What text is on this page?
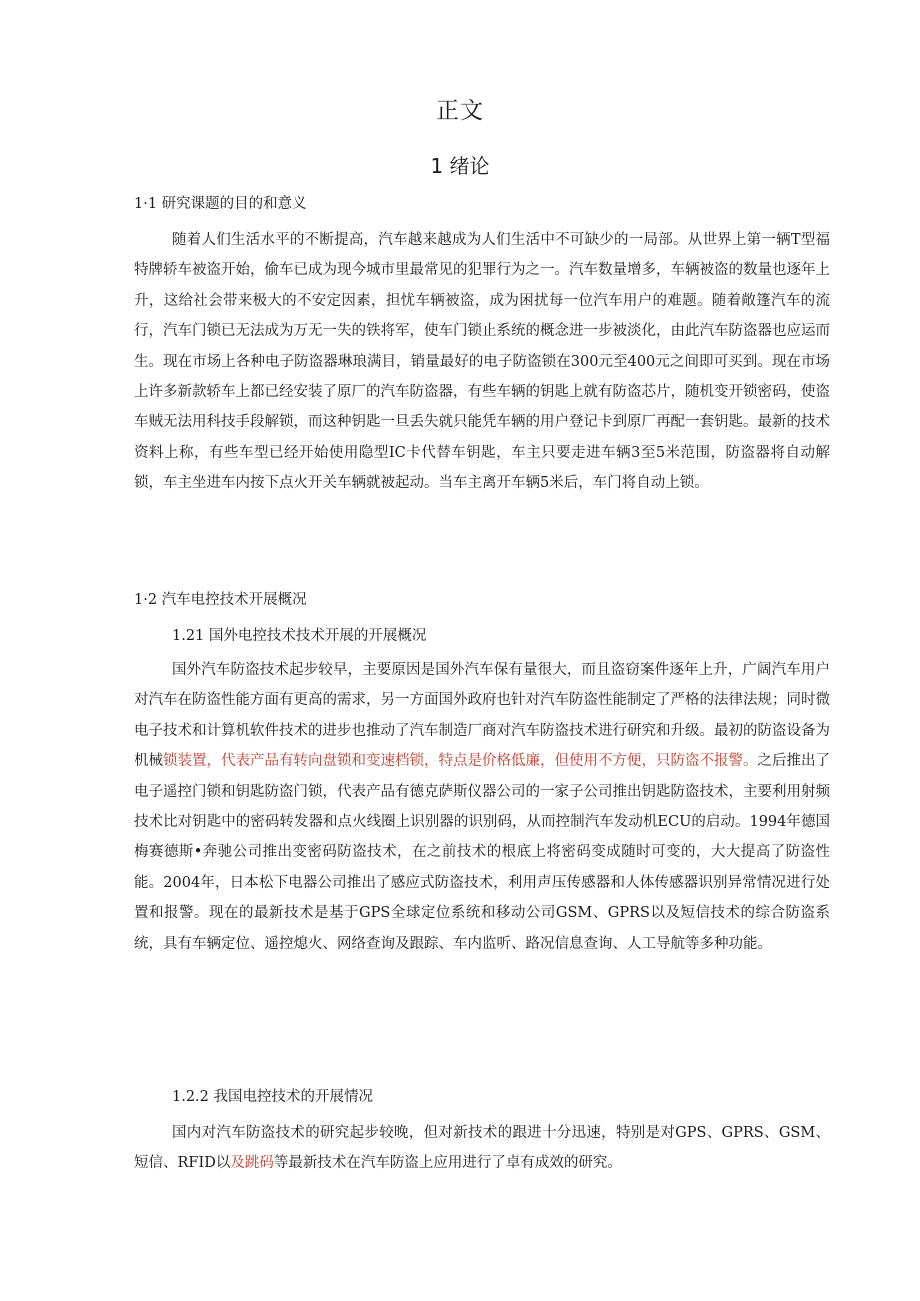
正文
1 绪论
1·1 研究课题的目的和意义

随着人们生活水平的不断提高，汽车越来越成为人们生活中不可缺少的一局部。从世界上第一辆T型福特牌轿车被盗开始，偷车已成为现今城市里最常见的犯罪行为之一。汽车数量增多，车辆被盗的数量也逐年上升，这给社会带来极大的不安定因素，担忧车辆被盗，成为困扰每一位汽车用户的难题。随着敞篷汽车的流行，汽车门锁已无法成为万无一失的铁将军，使车门锁止系统的概念进一步被淡化，由此汽车防盗器也应运而生。现在市场上各种电子防盗器琳琅满目，销量最好的电子防盗锁在300元至400元之间即可买到。现在市场上许多新款轿车上都已经安装了原厂的汽车防盗器，有些车辆的钥匙上就有防盗芯片，随机变开锁密码，使盗车贼无法用科技手段解锁，而这种钥匙一旦丢失就只能凭车辆的用户登记卡到原厂再配一套钥匙。最新的技术资料上称，有些车型已经开始使用隐型IC卡代替车钥匙，车主只要走进车辆3至5米范围，防盗器将自动解锁，车主坐进车内按下点火开关车辆就被起动。当车主离开车辆5米后，车门将自动上锁。

1·2 汽车电控技术开展概况
1.21 国外电控技术技术开展的开展概况

国外汽车防盗技术起步较早，主要原因是国外汽车保有量很大，而且盗窃案件逐年上升，广阔汽车用户对汽车在防盗性能方面有更高的需求，另一方面国外政府也针对汽车防盗性能制定了严格的法律法规；同时微电子技术和计算机软件技术的进步也推动了汽车制造厂商对汽车防盗技术进行研究和升级。最初的防盗设备为机械锁装置，代表产品有转向盘锁和变速档锁，特点是价格低廉，但使用不方便，只防盗不报警。之后推出了电子遥控门锁和钥匙防盗门锁，代表产品有德克萨斯仪器公司的一家子公司推出钥匙防盗技术，主要利用射频技术比对钥匙中的密码转发器和点火线圈上识别器的识别码，从而控制汽车发动机ECU的启动。1994年德国梅赛德斯•奔驰公司推出变密码防盗技术，在之前技术的根底上将密码变成随时可变的，大大提高了防盗性能。2004年，日本松下电器公司推出了感应式防盗技术，利用声压传感器和人体传感器识别异常情况进行处置和报警。现在的最新技术是基于GPS全球定位系统和移动公司GSM、GPRS以及短信技术的综合防盗系统，具有车辆定位、遥控熄火、网络查询及跟踪、车内监听、路况信息查询、人工导航等多种功能。

1.2.2 我国电控技术的开展情况

国内对汽车防盗技术的研究起步较晚，但对新技术的跟进十分迅速，特别是对GPS、GPRS、GSM、短信、RFID以及跳码等最新技术在汽车防盗上应用进行了卓有成效的研究。
